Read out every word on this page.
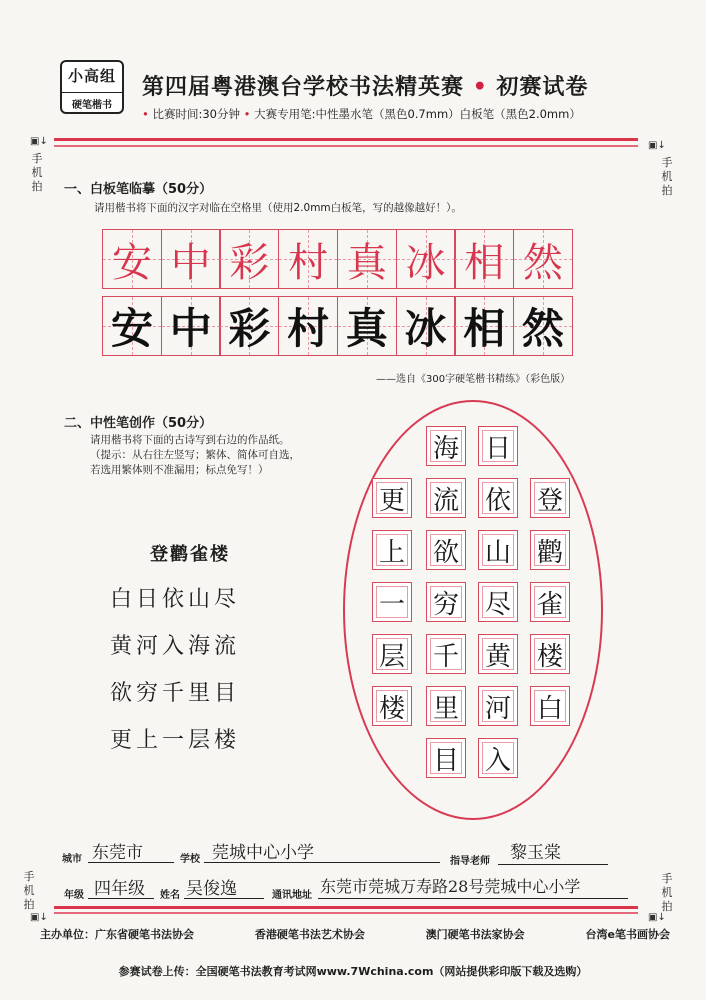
小高组
硬笔楷书
第四届粤港澳台学校书法精英赛 • 初赛试卷
• 比赛时间:30分钟 • 大赛专用笔:中性墨水笔（黑色0.7mm）白板笔（黑色2.0mm）
▣↓
手机拍
▣↓
手机拍
手机拍
▣↓
手机拍
▣↓
一、白板笔临摹（50分）
请用楷书将下面的汉字对临在空格里（使用2.0mm白板笔，写的越像越好！）。
安 中 彩 村 真 冰 相 然
安 中 彩 村 真 冰 相 然
——选自《300字硬笔楷书精练》（彩色版）
二、中性笔创作（50分）
请用楷书将下面的古诗写到右边的作品纸。
（提示：从右往左竖写；繁体、简体可自选，
若选用繁体则不准漏用；标点免写！）
登鹳雀楼
白日依山尽
黄河入海流
欲穷千里目
更上一层楼
登
鹳
雀
楼
白
日
依
山
尽
黄
河
入
海
流
欲
穷
千
里
目
更
上
一
层
楼
城市 东莞市	学校 莞城中心小学	指导老师 黎玉棠
年级 四年级 姓名 吴俊逸	通讯地址 东莞市莞城万寿路28号莞城中心小学
主办单位：广东省硬笔书法协会	香港硬笔书法艺术协会	澳门硬笔书法家协会	台湾e笔书画协会
参赛试卷上传：全国硬笔书法教育考试网www.7Wchina.com（网站提供彩印版下载及选购）
